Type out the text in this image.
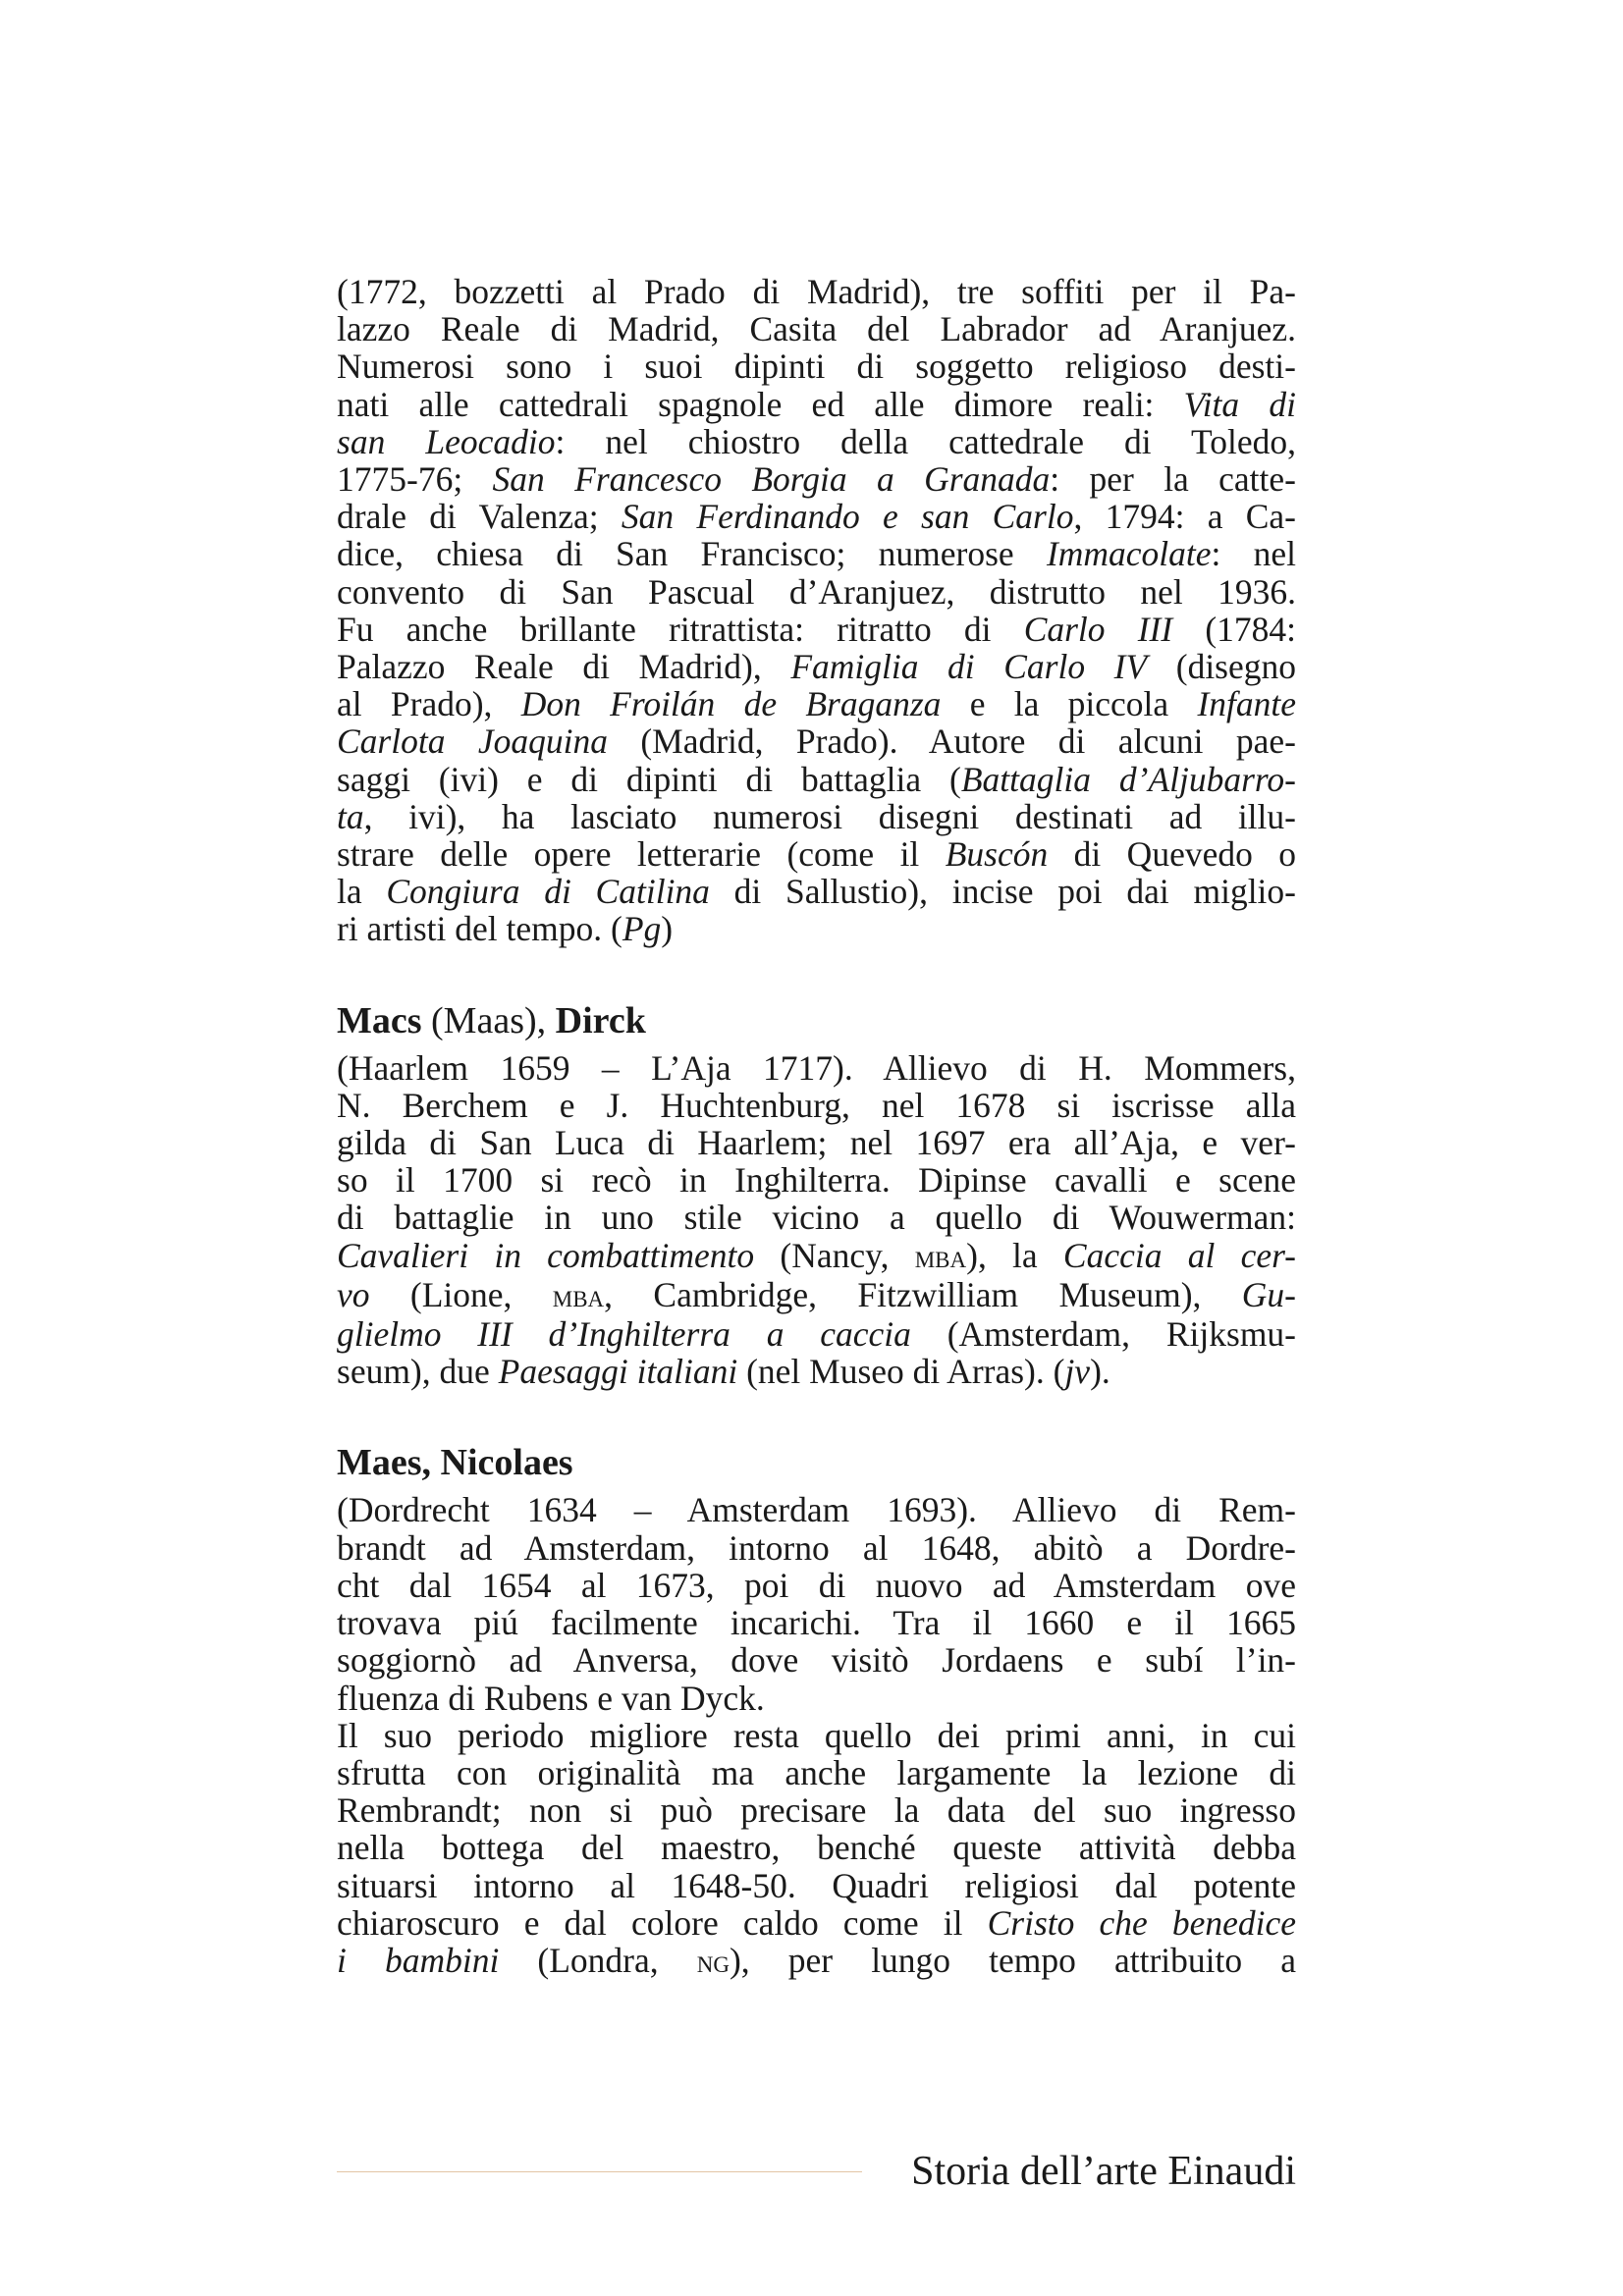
(1772, bozzetti al Prado di Madrid), tre soffiti per il Pa-
lazzo Reale di Madrid, Casita del Labrador ad Aranjuez.
Numerosi sono i suoi dipinti di soggetto religioso desti-
nati alle cattedrali spagnole ed alle dimore reali: Vita di
san Leocadio: nel chiostro della cattedrale di Toledo,
1775-76; San Francesco Borgia a Granada: per la catte-
drale di Valenza; San Ferdinando e san Carlo, 1794: a Ca-
dice, chiesa di San Francisco; numerose Immacolate: nel
convento di San Pascual d’Aranjuez, distrutto nel 1936.
Fu anche brillante ritrattista: ritratto di Carlo III (1784:
Palazzo Reale di Madrid), Famiglia di Carlo IV (disegno
al Prado), Don Froilán de Braganza e la piccola Infante
Carlota Joaquina (Madrid, Prado). Autore di alcuni pae-
saggi (ivi) e di dipinti di battaglia (Battaglia d’Aljubarro-
ta, ivi), ha lasciato numerosi disegni destinati ad illu-
strare delle opere letterarie (come il Buscón di Quevedo o
la Congiura di Catilina di Sallustio), incise poi dai miglio-
ri artisti del tempo. (Pg)
Macs (Maas), Dirck
(Haarlem 1659 – L’Aja 1717). Allievo di H. Mommers,
N. Berchem e J. Huchtenburg, nel 1678 si iscrisse alla
gilda di San Luca di Haarlem; nel 1697 era all’Aja, e ver-
so il 1700 si recò in Inghilterra. Dipinse cavalli e scene
di battaglie in uno stile vicino a quello di Wouwerman:
Cavalieri in combattimento (Nancy, mba), la Caccia al cer-
vo (Lione, mba, Cambridge, Fitzwilliam Museum), Gu-
glielmo III d’Inghilterra a caccia (Amsterdam, Rijksmu-
seum), due Paesaggi italiani (nel Museo di Arras). (jv).
Maes, Nicolaes
(Dordrecht 1634 – Amsterdam 1693). Allievo di Rem-
brandt ad Amsterdam, intorno al 1648, abitò a Dordre-
cht dal 1654 al 1673, poi di nuovo ad Amsterdam ove
trovava piú facilmente incarichi. Tra il 1660 e il 1665
soggiornò ad Anversa, dove visitò Jordaens e subí l’in-
fluenza di Rubens e van Dyck.
Il suo periodo migliore resta quello dei primi anni, in cui
sfrutta con originalità ma anche largamente la lezione di
Rembrandt; non si può precisare la data del suo ingresso
nella bottega del maestro, benché queste attività debba
situarsi intorno al 1648-50. Quadri religiosi dal potente
chiaroscuro e dal colore caldo come il Cristo che benedice
i bambini (Londra, ng), per lungo tempo attribuito a
Storia dell’arte Einaudi
